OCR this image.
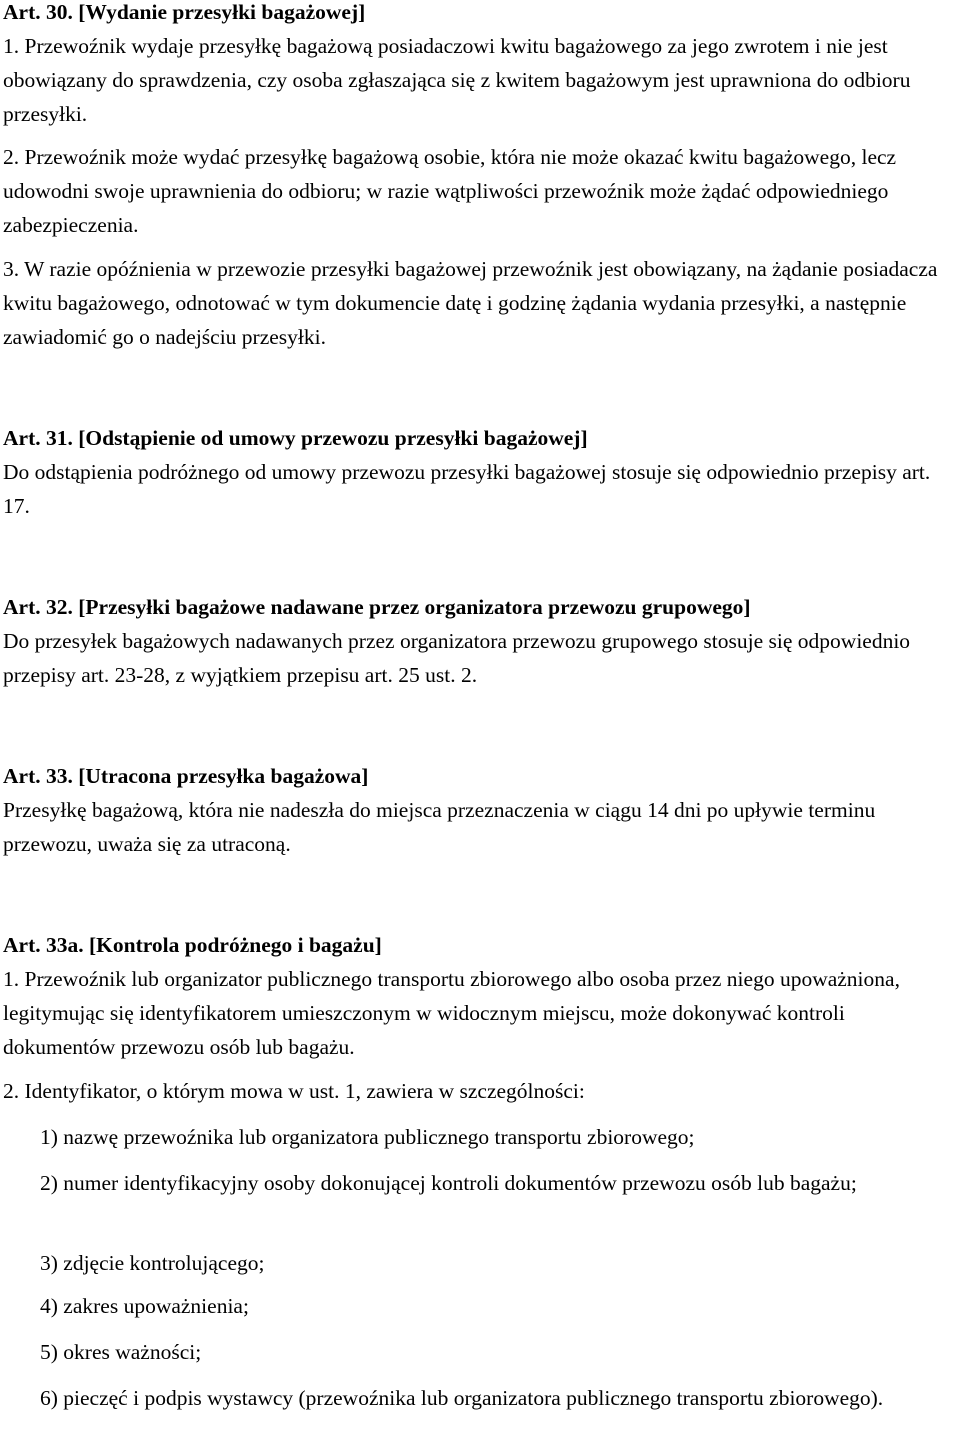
Art. 30. [Wydanie przesyłki bagażowej]

1. Przewoźnik wydaje przesyłkę bagażową posiadaczowi kwitu bagażowego za jego zwrotem i nie jest obowiązany do sprawdzenia, czy osoba zgłaszająca się z kwitem bagażowym jest uprawniona do odbioru przesyłki.

2. Przewoźnik może wydać przesyłkę bagażową osobie, która nie może okazać kwitu bagażowego, lecz udowodni swoje uprawnienia do odbioru; w razie wątpliwości przewoźnik może żądać odpowiedniego zabezpieczenia.

3. W razie opóźnienia w przewozie przesyłki bagażowej przewoźnik jest obowiązany, na żądanie posiadacza kwitu bagażowego, odnotować w tym dokumencie datę i godzinę żądania wydania przesyłki, a następnie zawiadomić go o nadejściu przesyłki.

Art. 31. [Odstąpienie od umowy przewozu przesyłki bagażowej]

Do odstąpienia podróżnego od umowy przewozu przesyłki bagażowej stosuje się odpowiednio przepisy art. 17.

Art. 32. [Przesyłki bagażowe nadawane przez organizatora przewozu grupowego]

Do przesyłek bagażowych nadawanych przez organizatora przewozu grupowego stosuje się odpowiednio przepisy art. 23-28, z wyjątkiem przepisu art. 25 ust. 2.

Art. 33. [Utracona przesyłka bagażowa]

Przesyłkę bagażową, która nie nadeszła do miejsca przeznaczenia w ciągu 14 dni po upływie terminu przewozu, uważa się za utraconą.

Art. 33a. [Kontrola podróżnego i bagażu]

1. Przewoźnik lub organizator publicznego transportu zbiorowego albo osoba przez niego upoważniona, legitymując się identyfikatorem umieszczonym w widocznym miejscu, może dokonywać kontroli dokumentów przewozu osób lub bagażu.

2. Identyfikator, o którym mowa w ust. 1, zawiera w szczególności:

1) nazwę przewoźnika lub organizatora publicznego transportu zbiorowego;

2) numer identyfikacyjny osoby dokonującej kontroli dokumentów przewozu osób lub bagażu;

3) zdjęcie kontrolującego;

4) zakres upoważnienia;

5) okres ważności;

6) pieczęć i podpis wystawcy (przewoźnika lub organizatora publicznego transportu zbiorowego).
